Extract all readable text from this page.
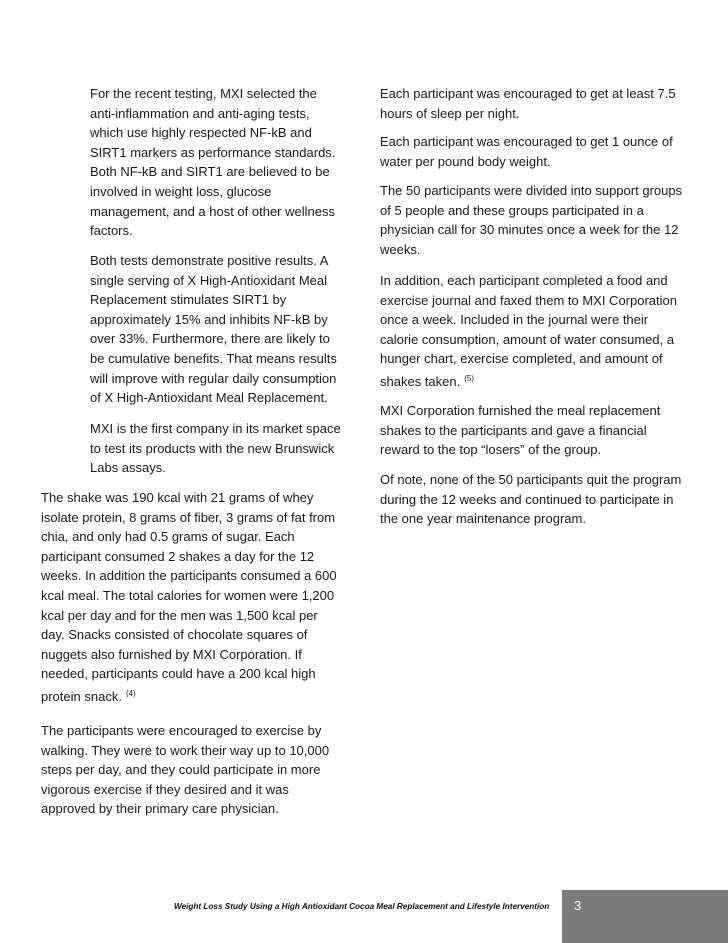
For the recent testing, MXI selected the
anti-inflammation and anti-aging tests,
which use highly respected NF-kB and
SIRT1 markers as performance standards.
Both NF-kB and SIRT1 are believed to be
involved in weight loss, glucose
management, and a host of other wellness
factors.

Both tests demonstrate positive results. A
single serving of X High-Antioxidant Meal
Replacement stimulates SIRT1 by
approximately 15% and inhibits NF-kB by
over 33%. Furthermore, there are likely to
be cumulative benefits. That means results
will improve with regular daily consumption
of X High-Antioxidant Meal Replacement.

MXI is the first company in its market space
to test its products with the new Brunswick
Labs assays.

The shake was 190 kcal with 21 grams of whey
isolate protein, 8 grams of fiber, 3 grams of fat from
chia, and only had 0.5 grams of sugar. Each
participant consumed 2 shakes a day for the 12
weeks. In addition the participants consumed a 600
kcal meal. The total calories for women were 1,200
kcal per day and for the men was 1,500 kcal per
day. Snacks consisted of chocolate squares of
nuggets also furnished by MXI Corporation. If
needed, participants could have a 200 kcal high
protein snack. $^{(4)}$

The participants were encouraged to exercise by
walking. They were to work their way up to 10,000
steps per day, and they could participate in more
vigorous exercise if they desired and it was
approved by their primary care physician.

Each participant was encouraged to get at least 7.5
hours of sleep per night.

Each participant was encouraged to get 1 ounce of
water per pound body weight.

The 50 participants were divided into support groups
of 5 people and these groups participated in a
physician call for 30 minutes once a week for the 12
weeks.

In addition, each participant completed a food and
exercise journal and faxed them to MXI Corporation
once a week. Included in the journal were their
calorie consumption, amount of water consumed, a
hunger chart, exercise completed, and amount of
shakes taken. $^{(5)}$

MXI Corporation furnished the meal replacement
shakes to the participants and gave a financial
reward to the top “losers” of the group.

Of note, none of the 50 participants quit the program
during the 12 weeks and continued to participate in
the one year maintenance program.

Weight Loss Study Using a High Antioxidant Cocoa Meal Replacement and Lifestyle Intervention 3
